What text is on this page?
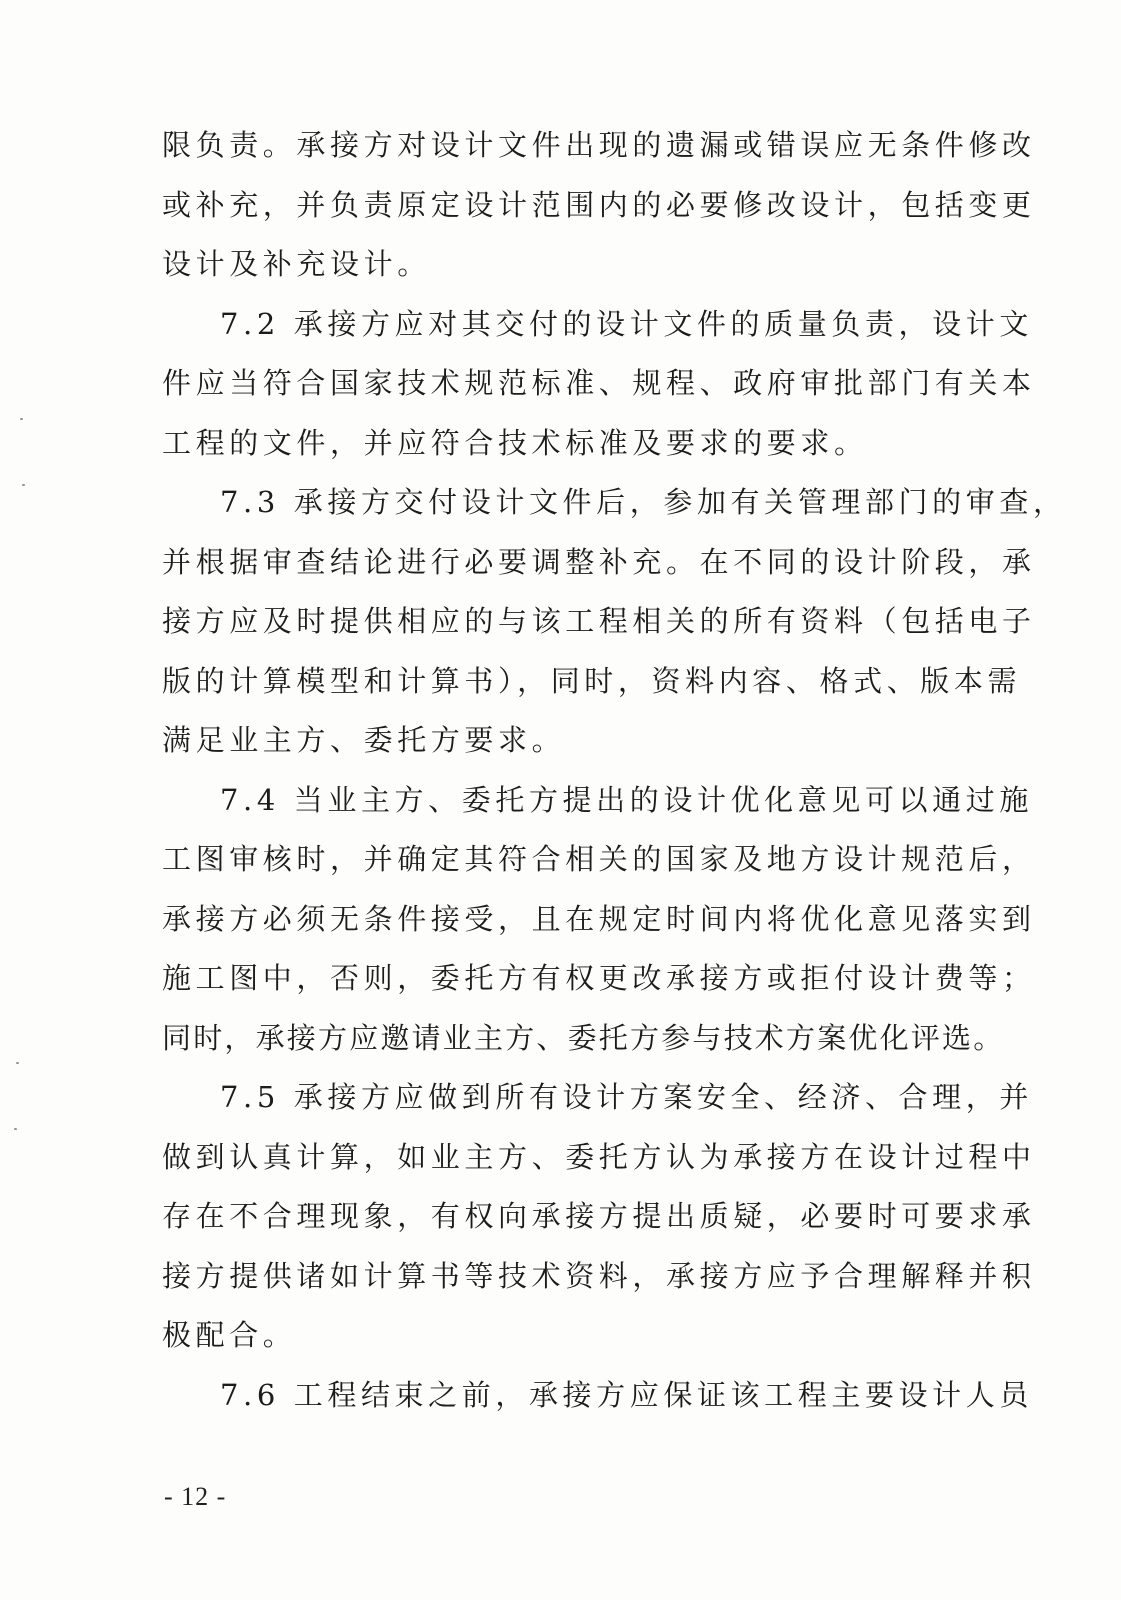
限负责。承接方对设计文件出现的遗漏或错误应无条件修改
或补充，并负责原定设计范围内的必要修改设计，包括变更
设计及补充设计。
7.2 承接方应对其交付的设计文件的质量负责，设计文
件应当符合国家技术规范标准、规程、政府审批部门有关本
工程的文件，并应符合技术标准及要求的要求。
7.3 承接方交付设计文件后，参加有关管理部门的审查，
并根据审查结论进行必要调整补充。在不同的设计阶段，承
接方应及时提供相应的与该工程相关的所有资料（包括电子
版的计算模型和计算书），同时，资料内容、格式、版本需
满足业主方、委托方要求。
7.4 当业主方、委托方提出的设计优化意见可以通过施
工图审核时，并确定其符合相关的国家及地方设计规范后，
承接方必须无条件接受，且在规定时间内将优化意见落实到
施工图中，否则，委托方有权更改承接方或拒付设计费等；
同时，承接方应邀请业主方、委托方参与技术方案优化评选。
7.5 承接方应做到所有设计方案安全、经济、合理，并
做到认真计算，如业主方、委托方认为承接方在设计过程中
存在不合理现象，有权向承接方提出质疑，必要时可要求承
接方提供诸如计算书等技术资料，承接方应予合理解释并积
极配合。
7.6 工程结束之前，承接方应保证该工程主要设计人员
- 12 -
